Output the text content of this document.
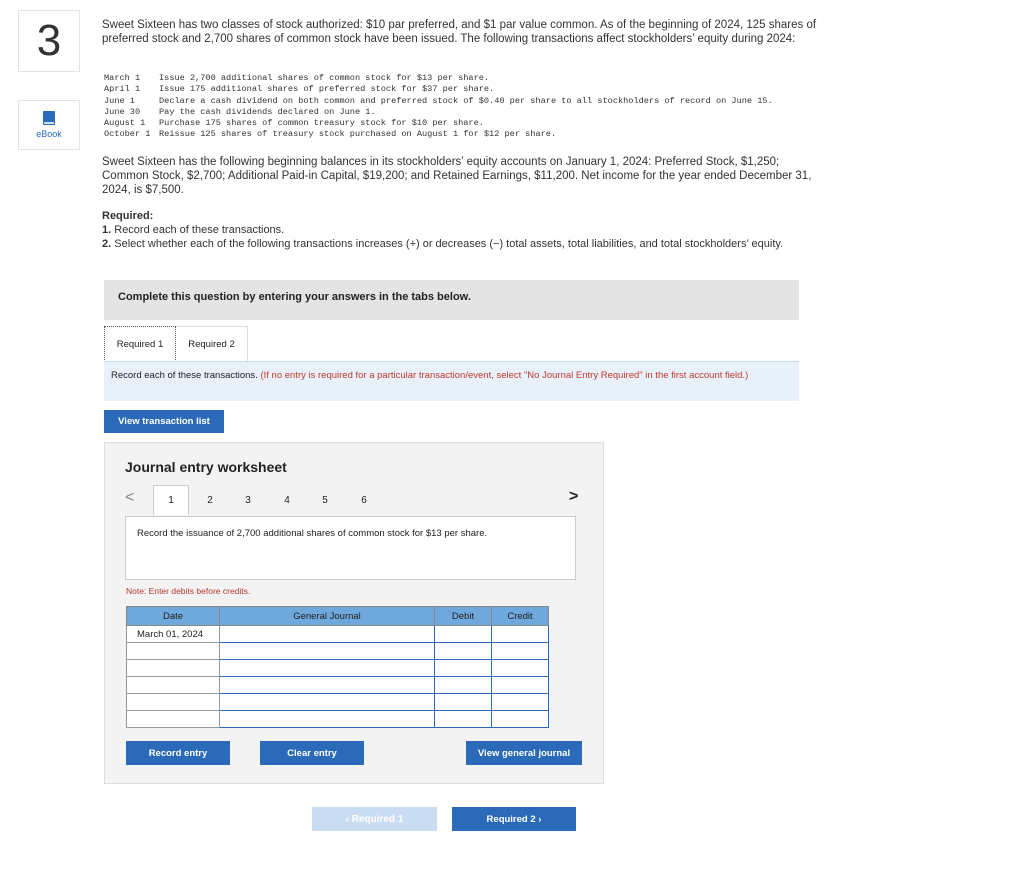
3
eBook
Sweet Sixteen has two classes of stock authorized: $10 par preferred, and $1 par value common. As of the beginning of 2024, 125 shares of preferred stock and 2,700 shares of common stock have been issued. The following transactions affect stockholders’ equity during 2024:
March 1	Issue 2,700 additional shares of common stock for $13 per share.
April 1	Issue 175 additional shares of preferred stock for $37 per share.
June 1	Declare a cash dividend on both common and preferred stock of $0.40 per share to all stockholders of record on June 15.
June 30	Pay the cash dividends declared on June 1.
August 1	Purchase 175 shares of common treasury stock for $10 per share.
October 1 Reissue 125 shares of treasury stock purchased on August 1 for $12 per share.
Sweet Sixteen has the following beginning balances in its stockholders’ equity accounts on January 1, 2024: Preferred Stock, $1,250; Common Stock, $2,700; Additional Paid-in Capital, $19,200; and Retained Earnings, $11,200. Net income for the year ended December 31, 2024, is $7,500.
Required:
1. Record each of these transactions.
2. Select whether each of the following transactions increases (+) or decreases (−) total assets, total liabilities, and total stockholders’ equity.
Complete this question by entering your answers in the tabs below.
Required 1	Required 2
Record each of these transactions. (If no entry is required for a particular transaction/event, select "No Journal Entry Required" in the first account field.)
View transaction list
Journal entry worksheet
<	1	2	3	4	5	6	>
Record the issuance of 2,700 additional shares of common stock for $13 per share.
Note: Enter debits before credits.
Date	General Journal	Debit	Credit
March 01, 2024			

Record entry	Clear entry	View general journal
‹ Required 1	Required 2 ›
